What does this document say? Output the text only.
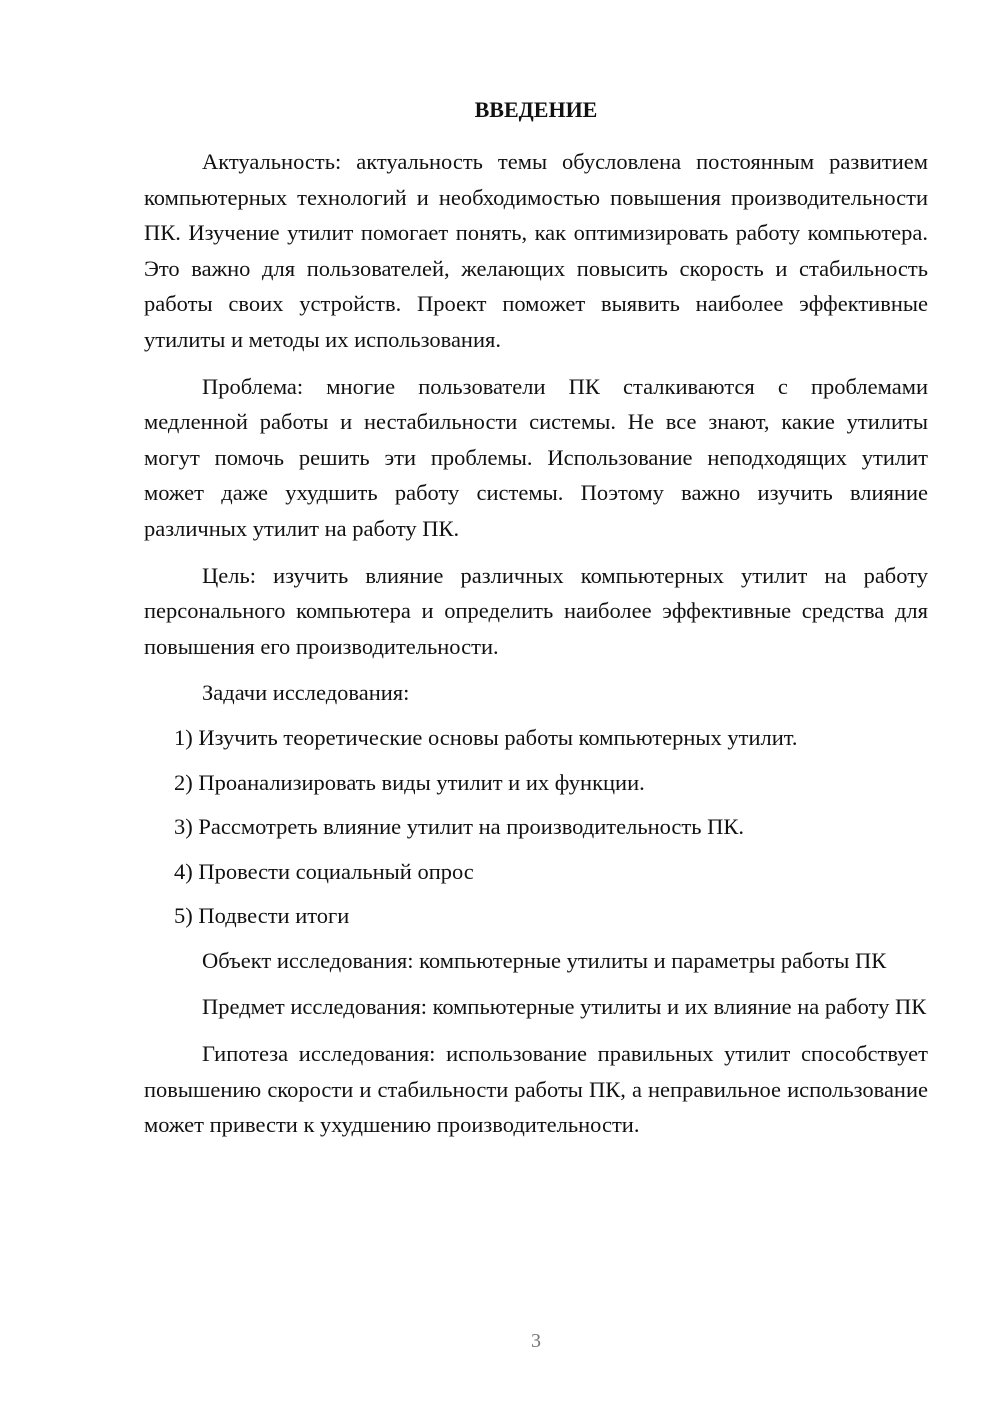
ВВЕДЕНИЕ

Актуальность: актуальность темы обусловлена постоянным развитием компьютерных технологий и необходимостью повышения производительности ПК. Изучение утилит помогает понять, как оптимизировать работу компьютера. Это важно для пользователей, желающих повысить скорость и стабильность работы своих устройств. Проект поможет выявить наиболее эффективные утилиты и методы их использования.

Проблема: многие пользователи ПК сталкиваются с проблемами медленной работы и нестабильности системы. Не все знают, какие утилиты могут помочь решить эти проблемы. Использование неподходящих утилит может даже ухудшить работу системы. Поэтому важно изучить влияние различных утилит на работу ПК.

Цель: изучить влияние различных компьютерных утилит на работу персонального компьютера и определить наиболее эффективные средства для повышения его производительности.

Задачи исследования:

1) Изучить теоретические основы работы компьютерных утилит.
2) Проанализировать виды утилит и их функции.
3) Рассмотреть влияние утилит на производительность ПК.
4) Провести социальный опрос
5) Подвести итоги

Объект исследования: компьютерные утилиты и параметры работы ПК

Предмет исследования: компьютерные утилиты и их влияние на работу ПК

Гипотеза исследования: использование правильных утилит способствует повышению скорости и стабильности работы ПК, а неправильное использование может привести к ухудшению производительности.

3
